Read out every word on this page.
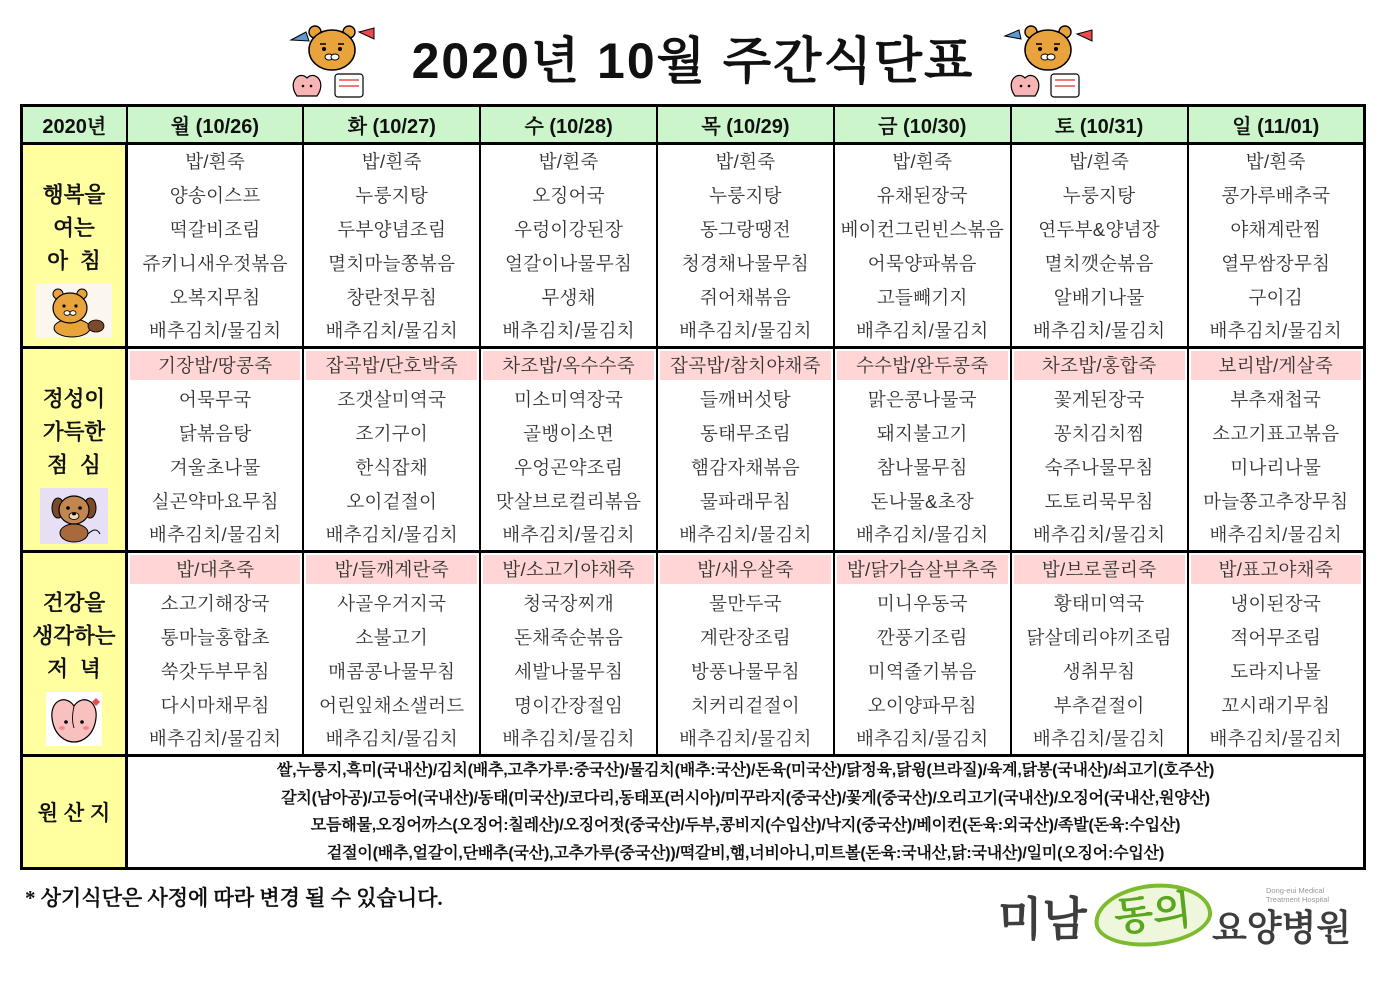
2020년 10월 주간식단표
2020년	월 (10/26)	화 (10/27)	수 (10/28)	목 (10/29)	금 (10/30)	토 (10/31)	일 (11/01)

행복을
여는
아  침	밥/흰죽	밥/흰죽	밥/흰죽	밥/흰죽	밥/흰죽	밥/흰죽	밥/흰죽
	양송이스프	누룽지탕	오징어국	누룽지탕	유채된장국	누룽지탕	콩가루배추국
	떡갈비조림	두부양념조림	우렁이강된장	동그랑땡전	베이컨그린빈스볶음	연두부&양념장	야채계란찜
	쥬키니새우젓볶음	멸치마늘쫑볶음	얼갈이나물무침	청경채나물무침	어묵양파볶음	멸치깻순볶음	열무쌈장무침
	오복지무침	창란젓무침	무생채	쥐어채볶음	고들빼기지	알배기나물	구이김
	배추김치/물김치	배추김치/물김치	배추김치/물김치	배추김치/물김치	배추김치/물김치	배추김치/물김치	배추김치/물김치

정성이
가득한
점  심	기장밥/땅콩죽	잡곡밥/단호박죽	차조밥/옥수수죽	잡곡밥/참치야채죽	수수밥/완두콩죽	차조밥/홍합죽	보리밥/게살죽
	어묵무국	조갯살미역국	미소미역장국	들깨버섯탕	맑은콩나물국	꽃게된장국	부추재첩국
	닭볶음탕	조기구이	골뱅이소면	동태무조림	돼지불고기	꽁치김치찜	소고기표고볶음
	겨울초나물	한식잡채	우엉곤약조림	햄감자채볶음	참나물무침	숙주나물무침	미나리나물
	실곤약마요무침	오이겉절이	맛살브로컬리볶음	물파래무침	돈나물&초장	도토리묵무침	마늘쫑고추장무침
	배추김치/물김치	배추김치/물김치	배추김치/물김치	배추김치/물김치	배추김치/물김치	배추김치/물김치	배추김치/물김치

건강을
생각하는
저  녁	밥/대추죽	밥/들깨계란죽	밥/소고기야채죽	밥/새우살죽	밥/닭가슴살부추죽	밥/브로콜리죽	밥/표고야채죽
	소고기해장국	사골우거지국	청국장찌개	물만두국	미니우동국	황태미역국	냉이된장국
	통마늘홍합초	소불고기	돈채죽순볶음	계란장조림	깐풍기조림	닭살데리야끼조림	적어무조림
	쑥갓두부무침	매콤콩나물무침	세발나물무침	방풍나물무침	미역줄기볶음	생취무침	도라지나물
	다시마채무침	어린잎채소샐러드	명이간장절임	치커리겉절이	오이양파무침	부추겉절이	꼬시래기무침
	배추김치/물김치	배추김치/물김치	배추김치/물김치	배추김치/물김치	배추김치/물김치	배추김치/물김치	배추김치/물김치
원 산 지	쌀,누룽지,흑미(국내산)/김치(배추,고추가루:중국산)/물김치(배추:국산)/돈육(미국산)/닭정육,닭윙(브라질)/육계,닭봉(국내산)/쇠고기(호주산)
갈치(남아공)/고등어(국내산)/동태(미국산)/코다리,동태포(러시아)/미꾸라지(중국산)/꽃게(중국산)/오리고기(국내산)/오징어(국내산,원양산)
모듬해물,오징어까스(오징어:칠레산)/오징어젓(중국산)/두부,콩비지(수입산)/낙지(중국산)/베이컨(돈육:외국산)/족발(돈육:수입산)
겉절이(배추,얼갈이,단배추(국산),고추가루(중국산))/떡갈비,햄,너비아니,미트볼(돈육:국내산,닭:국내산)/일미(오징어:수입산)						
* 상기식단은 사정에 따라 변경 될 수 있습니다.	미남 동의 요양병원
Dong-eui Medical
Treatment Hospital
